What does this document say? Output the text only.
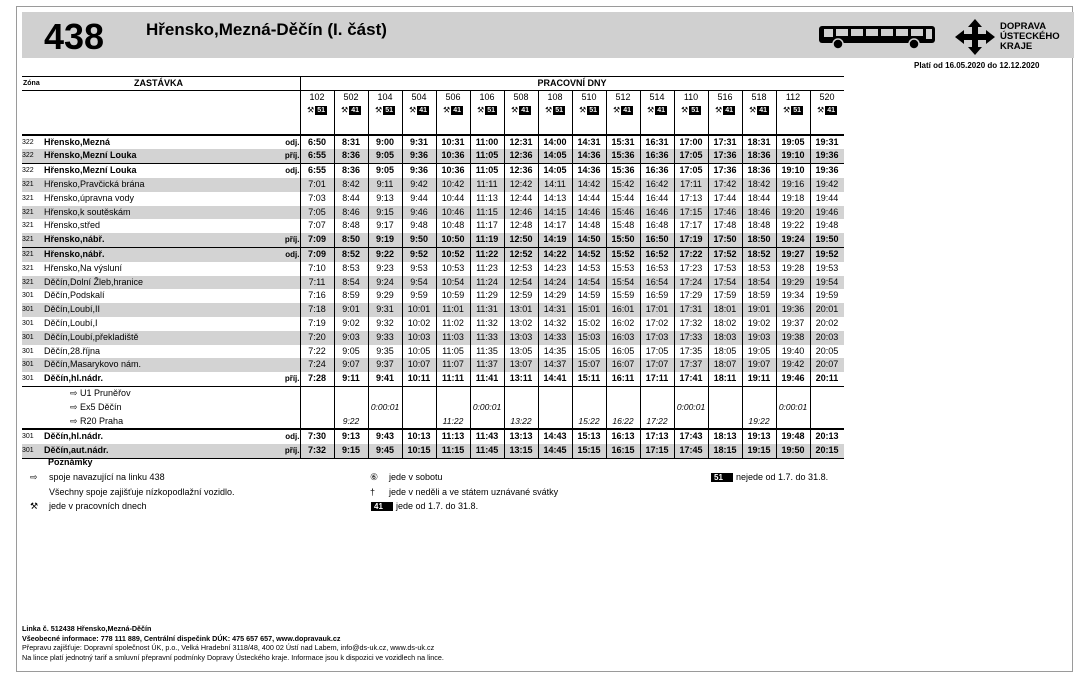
438 Hřensko,Mezná-Děčín (I. část)	DOPRAVA
ÚSTECKÉHO
KRAJE
Platí od 16.05.2020 do 12.12.2020
Zóna	ZASTÁVKA		PRACOVNÍ DNY															
			102	502	104	504	506	106	508	108	510	512	514	110	516	518	112	520
			⚒ 51	⚒ 41	⚒ 51	⚒ 41	⚒ 41	⚒ 51	⚒ 41	⚒ 51	⚒ 51	⚒ 41	⚒ 41	⚒ 51	⚒ 41	⚒ 41	⚒ 51	⚒ 41

322	Hřensko,Mezná	odj.	6:50	8:31	9:00	9:31	10:31	11:00	12:31	14:00	14:31	15:31	16:31	17:00	17:31	18:31	19:05	19:31
322	Hřensko,Mezní Louka	příj.	6:55	8:36	9:05	9:36	10:36	11:05	12:36	14:05	14:36	15:36	16:36	17:05	17:36	18:36	19:10	19:36
322	Hřensko,Mezní Louka	odj.	6:55	8:36	9:05	9:36	10:36	11:05	12:36	14:05	14:36	15:36	16:36	17:05	17:36	18:36	19:10	19:36
321	Hřensko,Pravčická brána		7:01	8:42	9:11	9:42	10:42	11:11	12:42	14:11	14:42	15:42	16:42	17:11	17:42	18:42	19:16	19:42
321	Hřensko,úpravna vody		7:03	8:44	9:13	9:44	10:44	11:13	12:44	14:13	14:44	15:44	16:44	17:13	17:44	18:44	19:18	19:44
321	Hřensko,k soutěskám		7:05	8:46	9:15	9:46	10:46	11:15	12:46	14:15	14:46	15:46	16:46	17:15	17:46	18:46	19:20	19:46
321	Hřensko,střed		7:07	8:48	9:17	9:48	10:48	11:17	12:48	14:17	14:48	15:48	16:48	17:17	17:48	18:48	19:22	19:48
321	Hřensko,nábř.	příj.	7:09	8:50	9:19	9:50	10:50	11:19	12:50	14:19	14:50	15:50	16:50	17:19	17:50	18:50	19:24	19:50
321	Hřensko,nábř.	odj.	7:09	8:52	9:22	9:52	10:52	11:22	12:52	14:22	14:52	15:52	16:52	17:22	17:52	18:52	19:27	19:52
321	Hřensko,Na výsluní		7:10	8:53	9:23	9:53	10:53	11:23	12:53	14:23	14:53	15:53	16:53	17:23	17:53	18:53	19:28	19:53
321	Děčín,Dolní Žleb,hranice		7:11	8:54	9:24	9:54	10:54	11:24	12:54	14:24	14:54	15:54	16:54	17:24	17:54	18:54	19:29	19:54
301	Děčín,Podskalí		7:16	8:59	9:29	9:59	10:59	11:29	12:59	14:29	14:59	15:59	16:59	17:29	17:59	18:59	19:34	19:59
301	Děčín,Loubí,II		7:18	9:01	9:31	10:01	11:01	11:31	13:01	14:31	15:01	16:01	17:01	17:31	18:01	19:01	19:36	20:01
301	Děčín,Loubí,I		7:19	9:02	9:32	10:02	11:02	11:32	13:02	14:32	15:02	16:02	17:02	17:32	18:02	19:02	19:37	20:02
301	Děčín,Loubí,překladiště		7:20	9:03	9:33	10:03	11:03	11:33	13:03	14:33	15:03	16:03	17:03	17:33	18:03	19:03	19:38	20:03
301	Děčín,28.října		7:22	9:05	9:35	10:05	11:05	11:35	13:05	14:35	15:05	16:05	17:05	17:35	18:05	19:05	19:40	20:05
301	Děčín,Masarykovo nám.		7:24	9:07	9:37	10:07	11:07	11:37	13:07	14:37	15:07	16:07	17:07	17:37	18:07	19:07	19:42	20:07
301	Děčín,hl.nádr.	příj.	7:28	9:11	9:41	10:11	11:11	11:41	13:11	14:41	15:11	16:11	17:11	17:41	18:11	19:11	19:46	20:11
	⇨ U1 Pruněřov																	
	⇨ Ex5 Děčín				0:00:01			0:00:01						0:00:01			0:00:01	
	⇨ R20 Praha			9:22			11:22		13:22		15:22	16:22	17:22			19:22		
301	Děčín,hl.nádr.	odj.	7:30	9:13	9:43	10:13	11:13	11:43	13:13	14:43	15:13	16:13	17:13	17:43	18:13	19:13	19:48	20:13
301	Děčín,aut.nádr.	příj.	7:32	9:15	9:45	10:15	11:15	11:45	13:15	14:45	15:15	16:15	17:15	17:45	18:15	19:15	19:50	20:15
Poznámky
⇨ spoje navazující na linku 438
Všechny spoje zajišťuje nízkopodlažní vozidlo.
⚒ jede v pracovních dnech
⑥ jede v sobotu
† jede v neděli a ve státem uznávané svátky
41 jede od 1.7. do 31.8.
51 nejede od 1.7. do 31.8.
Linka č. 512438 Hřensko,Mezná-Děčín
Všeobecné informace: 778 111 889, Centrální dispečink DÚK: 475 657 657, www.dopravauk.cz
Přepravu zajišťuje: Dopravní společnost ÚK, p.o., Velká Hradební 3118/48, 400 02 Ústí nad Labem, info@ds-uk.cz, www.ds-uk.cz
Na lince platí jednotný tarif a smluvní přepravní podmínky Dopravy Ústeckého kraje. Informace jsou k dispozici ve vozidlech na lince.
